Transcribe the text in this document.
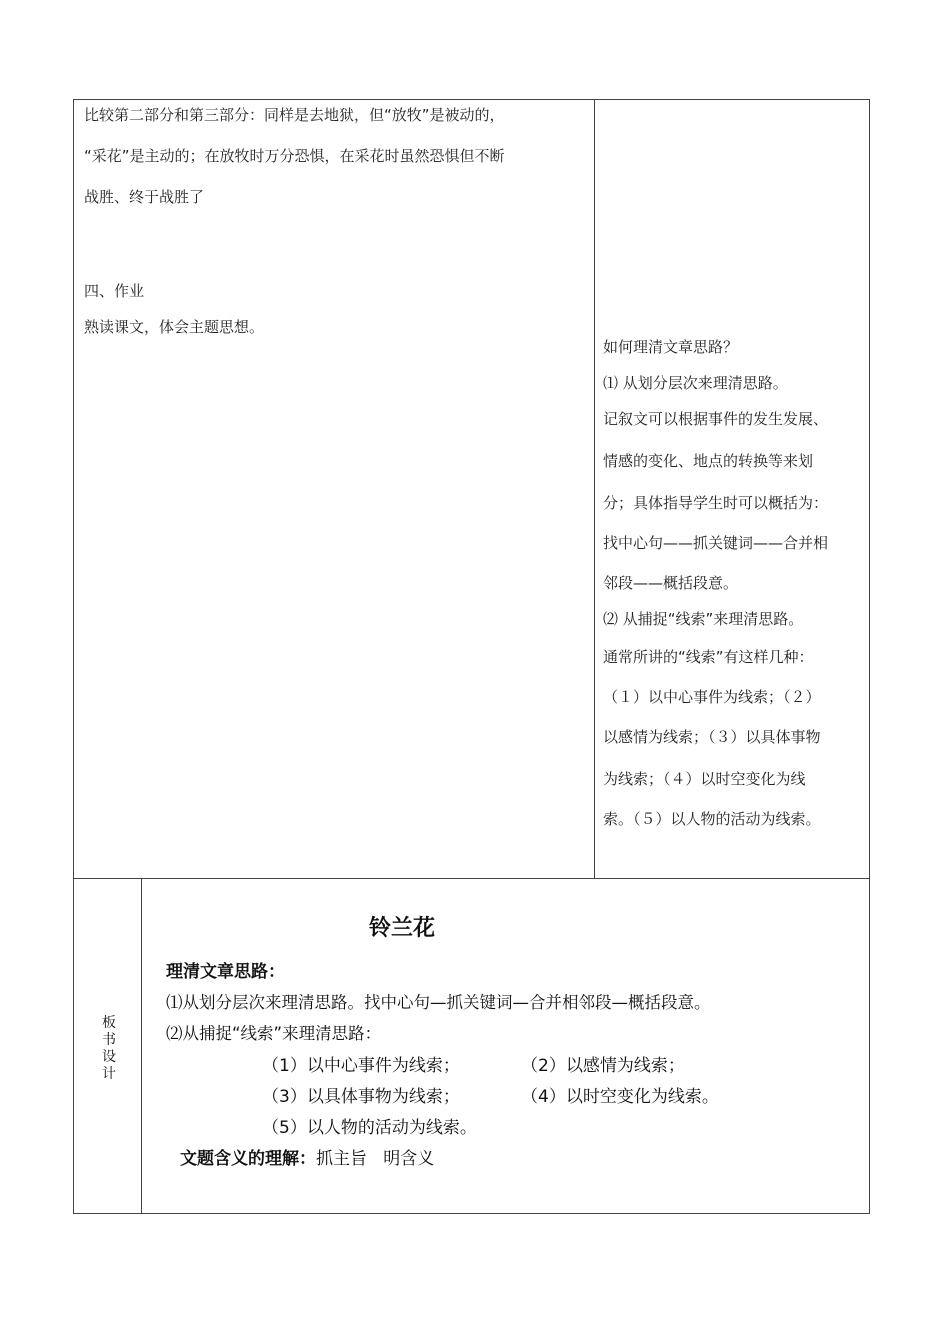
比较第二部分和第三部分：同样是去地狱，但“放牧”是被动的，

“采花”是主动的；在放牧时万分恐惧，在采花时虽然恐惧但不断

战胜、终于战胜了

四、作业

熟读课文，体会主题思想。

如何理清文章思路？

⑴ 从划分层次来理清思路。

记叙文可以根据事件的发生发展、

情感的变化、地点的转换等来划

分；具体指导学生时可以概括为：

找中心句——抓关键词——合并相

邻段——概括段意。

⑵ 从捕捉“线索”来理清思路。

通常所讲的“线索”有这样几种：

（１）以中心事件为线索；（２）

以感情为线索；（３）以具体事物

为线索；（４）以时空变化为线

索。（５）以人物的活动为线索。

板
书
设
计
铃兰花
理清文章思路：
⑴从划分层次来理清思路。找中心句—抓关键词—合并相邻段—概括段意。
⑵从捕捉“线索”来理清思路：
（1）以中心事件为线索；	（2）以感情为线索；
（3）以具体事物为线索；	（4）以时空变化为线索。
（5）以人物的活动为线索。
文题含义的理解：抓主旨   明含义
